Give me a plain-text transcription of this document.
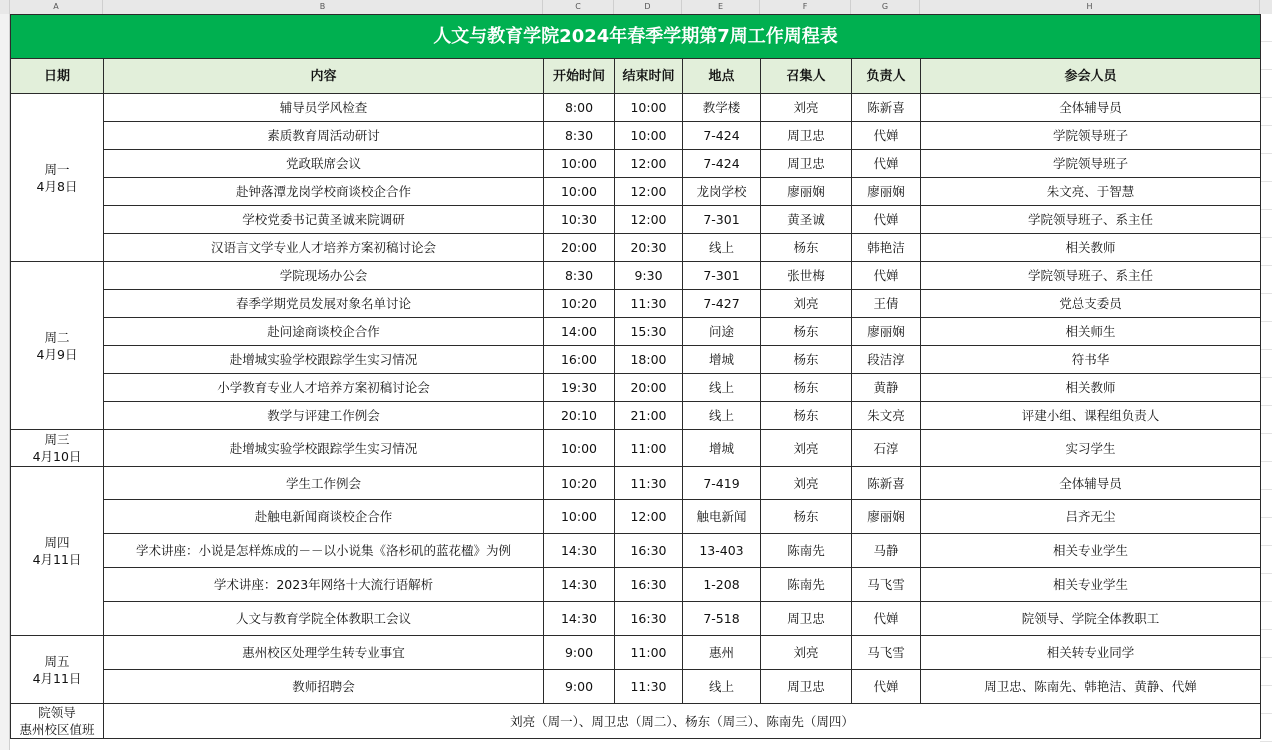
A	B	C	D	E	F	G	H
人文与教育学院2024年春季学期第7周工作周程表							
日期	内容	开始时间	结束时间	地点	召集人	负责人	参会人员

周一
4月8日	辅导员学风检查	8:00	10:00	教学楼	刘亮	陈新喜	全体辅导员
	素质教育周活动研讨	8:30	10:00	7-424	周卫忠	代婵	学院领导班子
	党政联席会议	10:00	12:00	7-424	周卫忠	代婵	学院领导班子
	赴钟落潭龙岗学校商谈校企合作	10:00	12:00	龙岗学校	廖丽娴	廖丽娴	朱文亮、于智慧
	学校党委书记黄圣诚来院调研	10:30	12:00	7-301	黄圣诚	代婵	学院领导班子、系主任
	汉语言文学专业人才培养方案初稿讨论会	20:00	20:30	线上	杨东	韩艳洁	相关教师

周二
4月9日	学院现场办公会	8:30	9:30	7-301	张世梅	代婵	学院领导班子、系主任
	春季学期党员发展对象名单讨论	10:20	11:30	7-427	刘亮	王倩	党总支委员
	赴问途商谈校企合作	14:00	15:30	问途	杨东	廖丽娴	相关师生
	赴增城实验学校跟踪学生实习情况	16:00	18:00	增城	杨东	段洁淳	符书华
	小学教育专业人才培养方案初稿讨论会	19:30	20:00	线上	杨东	黄静	相关教师
	教学与评建工作例会	20:10	21:00	线上	杨东	朱文亮	评建小组、课程组负责人

周三
4月10日	赴增城实验学校跟踪学生实习情况	10:00	11:00	增城	刘亮	石淳	实习学生

周四
4月11日	学生工作例会	10:20	11:30	7-419	刘亮	陈新喜	全体辅导员
	赴触电新闻商谈校企合作	10:00	12:00	触电新闻	杨东	廖丽娴	吕齐无尘
	学术讲座：小说是怎样炼成的－－以小说集《洛杉矶的蓝花楹》为例	14:30	16:30	13-403	陈南先	马静	相关专业学生
	学术讲座：2023年网络十大流行语解析	14:30	16:30	1-208	陈南先	马飞雪	相关专业学生
	人文与教育学院全体教职工会议	14:30	16:30	7-518	周卫忠	代婵	院领导、学院全体教职工

周五
4月11日	惠州校区处理学生转专业事宜	9:00	11:00	惠州	刘亮	马飞雪	相关转专业同学
	教师招聘会	9:00	11:30	线上	周卫忠	代婵	周卫忠、陈南先、韩艳洁、黄静、代婵

院领导
惠州校区值班	刘亮（周一）、周卫忠（周二）、杨东（周三）、陈南先（周四）						
